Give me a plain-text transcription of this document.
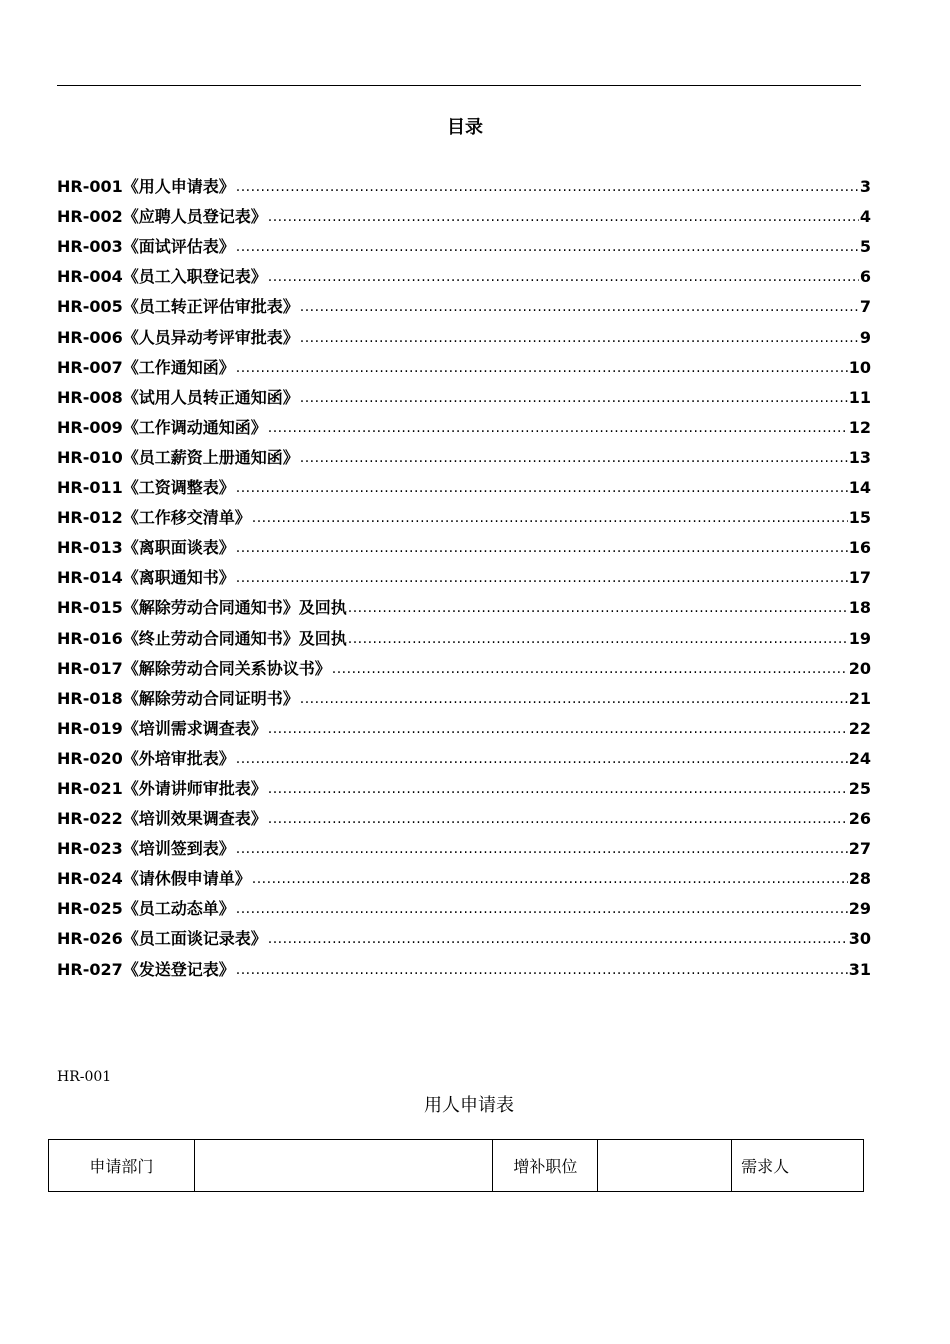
目录
HR-001《用人申请表》 .....	3
HR-002《应聘人员登记表》 .....	4
HR-003《面试评估表》 .....	5
HR-004《员工入职登记表》 .....	6
HR-005《员工转正评估审批表》 .....	7
HR-006《人员异动考评审批表》 .....	9
HR-007《工作通知函》 .....	10
HR-008《试用人员转正通知函》 .....	11
HR-009《工作调动通知函》 .....	12
HR-010《员工薪资上册通知函》 .....	13
HR-011《工资调整表》 .....	14
HR-012《工作移交清单》 .....	15
HR-013《离职面谈表》 .....	16
HR-014《离职通知书》 .....	17
HR-015《解除劳动合同通知书》及回执 .....	18
HR-016《终止劳动合同通知书》及回执 .....	19
HR-017《解除劳动合同关系协议书》 .....	20
HR-018《解除劳动合同证明书》 .....	21
HR-019《培训需求调查表》 .....	22
HR-020《外培审批表》 .....	24
HR-021《外请讲师审批表》 .....	25
HR-022《培训效果调查表》 .....	26
HR-023《培训签到表》 .....	27
HR-024《请休假申请单》 .....	28
HR-025《员工动态单》 .....	29
HR-026《员工面谈记录表》 .....	30
HR-027《发送登记表》 .....	31
HR-001
用人申请表
申请部门		增补职位		需求人
